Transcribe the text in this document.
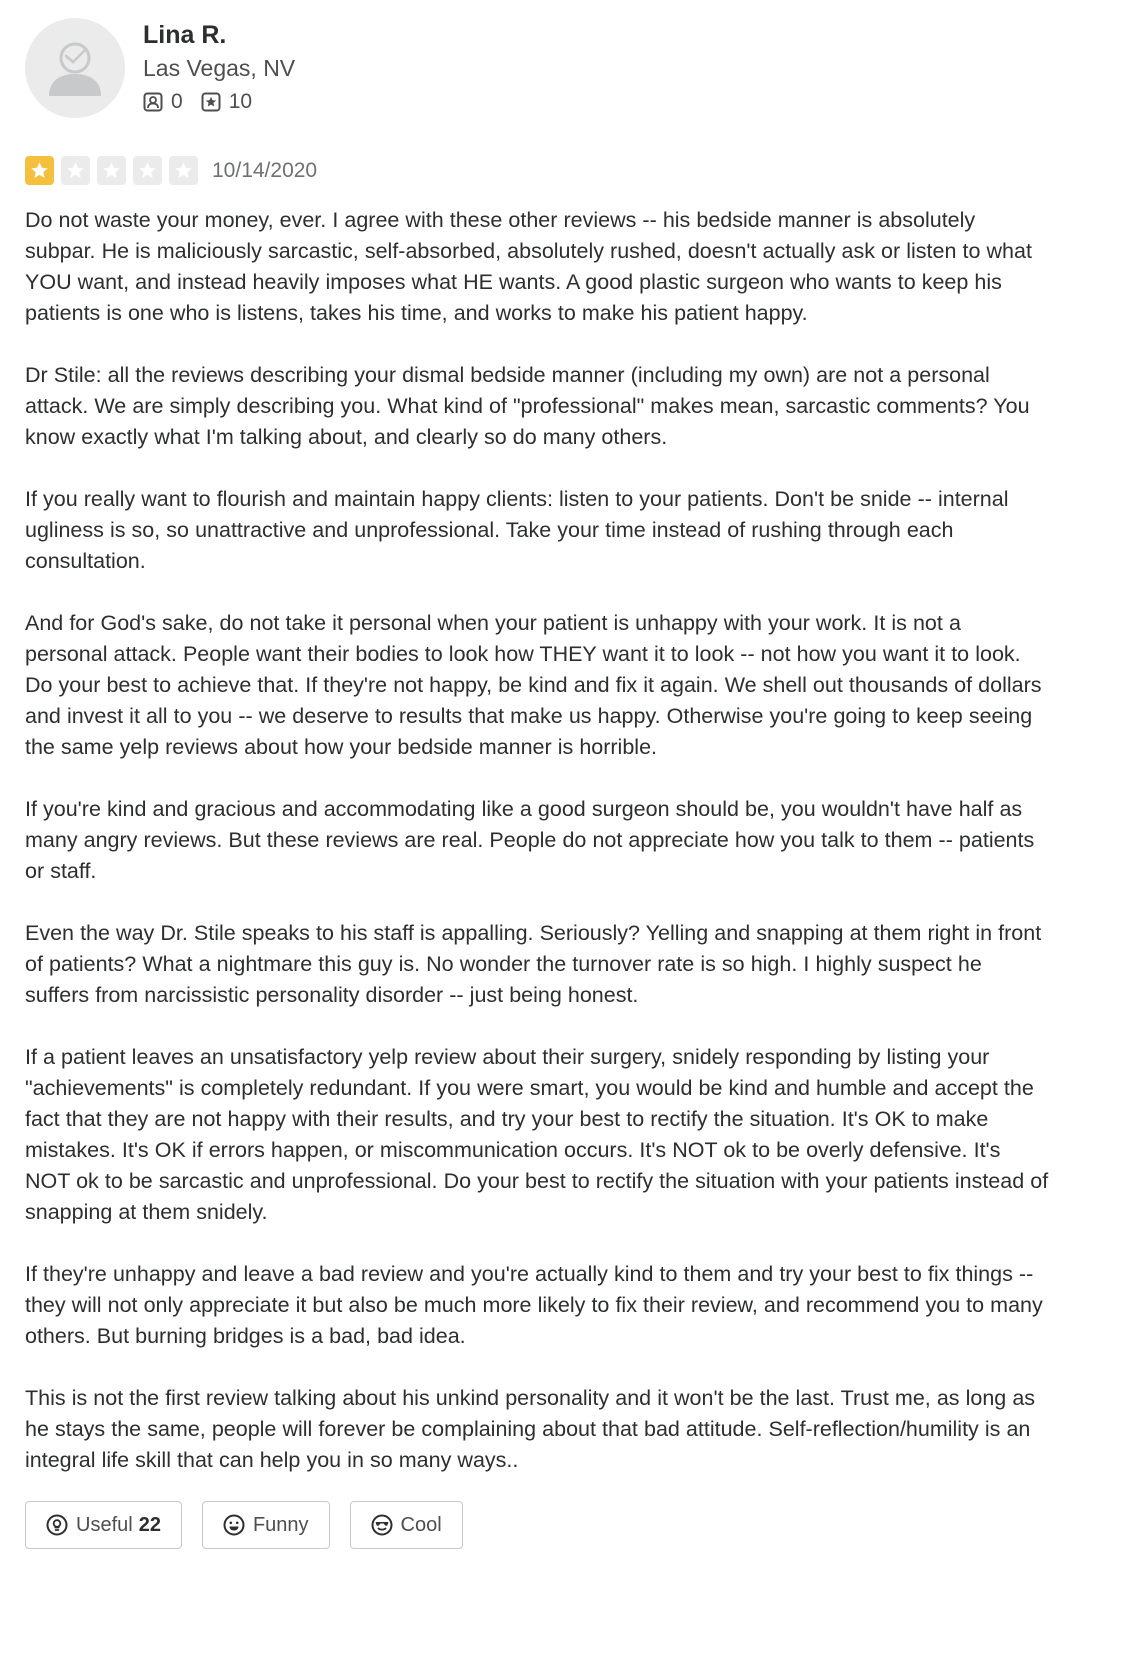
Lina R.
Las Vegas, NV
0 10
10/14/2020

Do not waste your money, ever. I agree with these other reviews -- his bedside manner is absolutely subpar. He is maliciously sarcastic, self-absorbed, absolutely rushed, doesn't actually ask or listen to what YOU want, and instead heavily imposes what HE wants. A good plastic surgeon who wants to keep his patients is one who is listens, takes his time, and works to make his patient happy.

Dr Stile: all the reviews describing your dismal bedside manner (including my own) are not a personal attack. We are simply describing you. What kind of "professional" makes mean, sarcastic comments? You know exactly what I'm talking about, and clearly so do many others.

If you really want to flourish and maintain happy clients: listen to your patients. Don't be snide -- internal ugliness is so, so unattractive and unprofessional. Take your time instead of rushing through each consultation.

And for God's sake, do not take it personal when your patient is unhappy with your work. It is not a personal attack. People want their bodies to look how THEY want it to look -- not how you want it to look. Do your best to achieve that. If they're not happy, be kind and fix it again. We shell out thousands of dollars and invest it all to you -- we deserve to results that make us happy. Otherwise you're going to keep seeing the same yelp reviews about how your bedside manner is horrible.

If you're kind and gracious and accommodating like a good surgeon should be, you wouldn't have half as many angry reviews. But these reviews are real. People do not appreciate how you talk to them -- patients or staff.

Even the way Dr. Stile speaks to his staff is appalling. Seriously? Yelling and snapping at them right in front of patients? What a nightmare this guy is. No wonder the turnover rate is so high. I highly suspect he suffers from narcissistic personality disorder -- just being honest.

If a patient leaves an unsatisfactory yelp review about their surgery, snidely responding by listing your "achievements" is completely redundant. If you were smart, you would be kind and humble and accept the fact that they are not happy with their results, and try your best to rectify the situation. It's OK to make mistakes. It's OK if errors happen, or miscommunication occurs. It's NOT ok to be overly defensive. It's NOT ok to be sarcastic and unprofessional. Do your best to rectify the situation with your patients instead of snapping at them snidely.

If they're unhappy and leave a bad review and you're actually kind to them and try your best to fix things -- they will not only appreciate it but also be much more likely to fix their review, and recommend you to many others. But burning bridges is a bad, bad idea.

This is not the first review talking about his unkind personality and it won't be the last. Trust me, as long as he stays the same, people will forever be complaining about that bad attitude. Self-reflection/humility is an integral life skill that can help you in so many ways..

Useful 22	Funny	Cool
